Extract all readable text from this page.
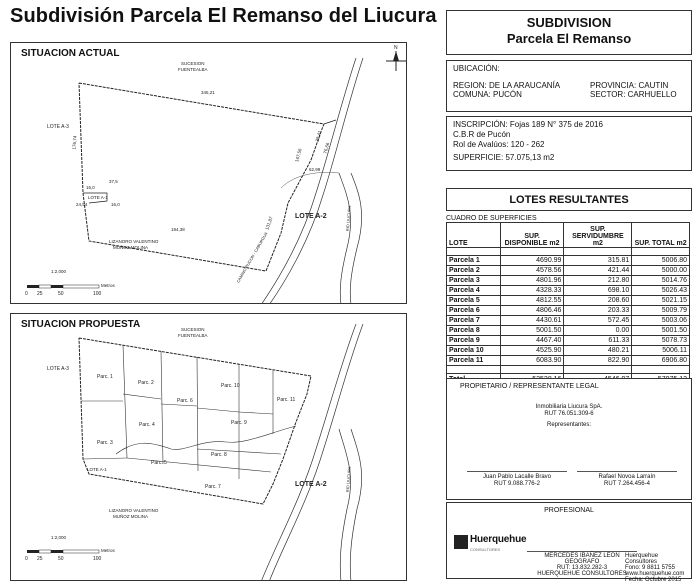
Subdivisión Parcela El Remanso del Liucura
N
345,21
176,74
37,5
16,0
24,54	16,0
194,38
62,99
167,56	76,66
28,41
131,87
SUCESION
FUENTEALBA
LOTE A-3
LOTE A-1
LOTE A-2
LIZANORO VALENTINO
MUÑOZ MOLINA
RIO LIUCURA
CAMINO PUCON - CABURGUA
1:2,000
Metros
0 25	50	100
SITUACION ACTUAL
SUCESION
FUENTEALBA
LOTE A-3
LOTE A-1
LOTE A-2
LIZANORO VALENTINO
MUÑOZ MOLINA
RIO LIUCURA
Parc. 1
Parc. 2
Parc. 3
Parc. 4
Parc. 5
Parc. 6
Parc. 7
Parc. 8
Parc. 9
Parc. 10
Parc. 11
1:2,000
Metros
0 25	50	100
SITUACION PROPUESTA
SUBDIVISION
Parcela El Remanso
UBICACIÓN:
REGION: DE LA ARAUCANÍA	PROVINCIA: CAUTIN
COMUNA: PUCÓN	SECTOR: CARHUELLO
INSCRIPCIÓN: Fojas 189 N° 375 de 2016
C.B.R de Pucón
Rol de Avalúos: 120 - 262
SUPERFICIE: 57.075,13 m2
LOTES RESULTANTES
CUADRO DE SUPERFICIES
LOTE	SUP. DISPONIBLE m2	SUP. SERVIDUMBRE m2	SUP. TOTAL m2

Parcela 1	4690.99	315.81	5006.80
Parcela 2	4578.56	421.44	5000.00
Parcela 3	4801.96	212.80	5014.76
Parcela 4	4328.33	698.10	5026.43
Parcela 5	4812.55	208.60	5021.15
Parcela 6	4806.46	203.33	5009.79
Parcela 7	4430.61	572.45	5003.06
Parcela 8	5001.50	0.00	5001.50
Parcela 9	4467.40	611.33	5078.73
Parcela 10	4525.90	480.21	5006.11
Parcela 11	6083.90	822.90	6906.80

PROPIETARIO / REPRESENTANTE LEGAL
Inmobiliaria Liucura SpA.
RUT 76.051.309-6
Representantes:
Juan Pablo Lacalle Bravo
RUT 9.088.776-2
Rafael Novoa Larraín
RUT 7.264.456-4
PROFESIONAL
Huerquehue
CONSULTORES
MERCEDES IBAÑEZ LEON
GEOGRAFO
RUT: 13.832.282-3
HUERQUEHUE CONSULTORES
Huerquehue Consultores
Fono: 9 8811 5755
www.huerquehue.com
Fecha: Octubre 2015
